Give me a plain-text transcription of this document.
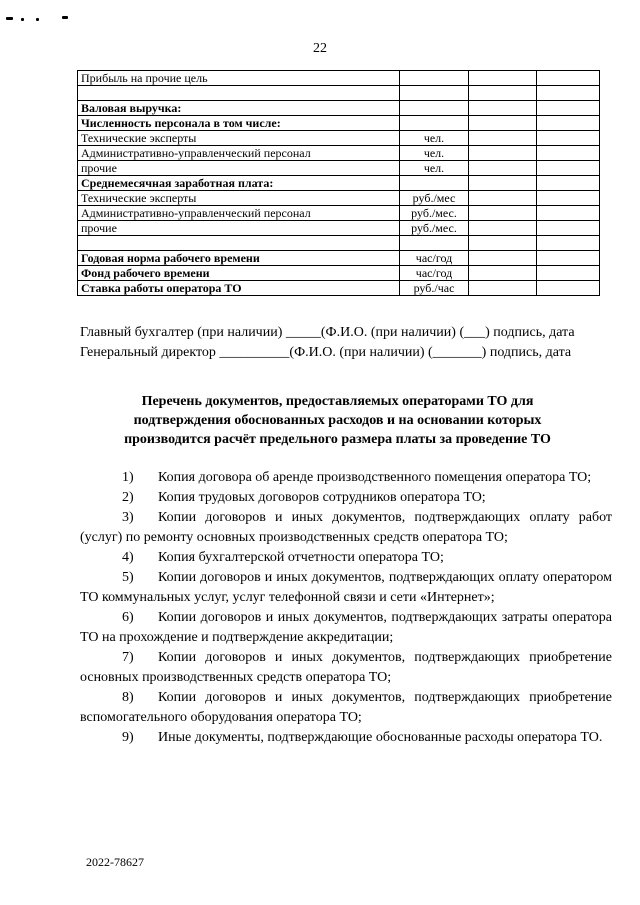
22
Прибыль на прочие цель			

Валовая выручка:			
Численность персонала в том числе:			
Технические эксперты	чел.		
Административно-управленческий персонал	чел.		
прочие	чел.		
Среднемесячная заработная плата:			
Технические эксперты	руб./мес		
Административно-управленческий персонал	руб./мес.		
прочие	руб./мес.		

Годовая норма рабочего времени	час/год		
Фонд рабочего времени	час/год		
Ставка работы оператора ТО	руб./час		
Главный бухгалтер (при наличии) _____(Ф.И.О. (при наличии) (___) подпись, дата
Генеральный директор __________(Ф.И.О. (при наличии) (_______) подпись, дата
Перечень документов, предоставляемых операторами ТО для
подтверждения обоснованных расходов и на основании которых
производится расчёт предельного размера платы за проведение ТО
1) Копия договора об аренде производственного помещения оператора ТО;
2) Копия трудовых договоров сотрудников оператора ТО;
3) Копии договоров и иных документов, подтверждающих оплату работ (услуг) по ремонту основных производственных средств оператора ТО;
4) Копия бухгалтерской отчетности оператора ТО;
5) Копии договоров и иных документов, подтверждающих оплату оператором ТО коммунальных услуг, услуг телефонной связи и сети «Интернет»;
6) Копии договоров и иных документов, подтверждающих затраты оператора ТО на прохождение и подтверждение аккредитации;
7) Копии договоров и иных документов, подтверждающих приобретение основных производственных средств оператора ТО;
8) Копии договоров и иных документов, подтверждающих приобретение вспомогательного оборудования оператора ТО;
9) Иные документы, подтверждающие обоснованные расходы оператора ТО.
2022-78627
